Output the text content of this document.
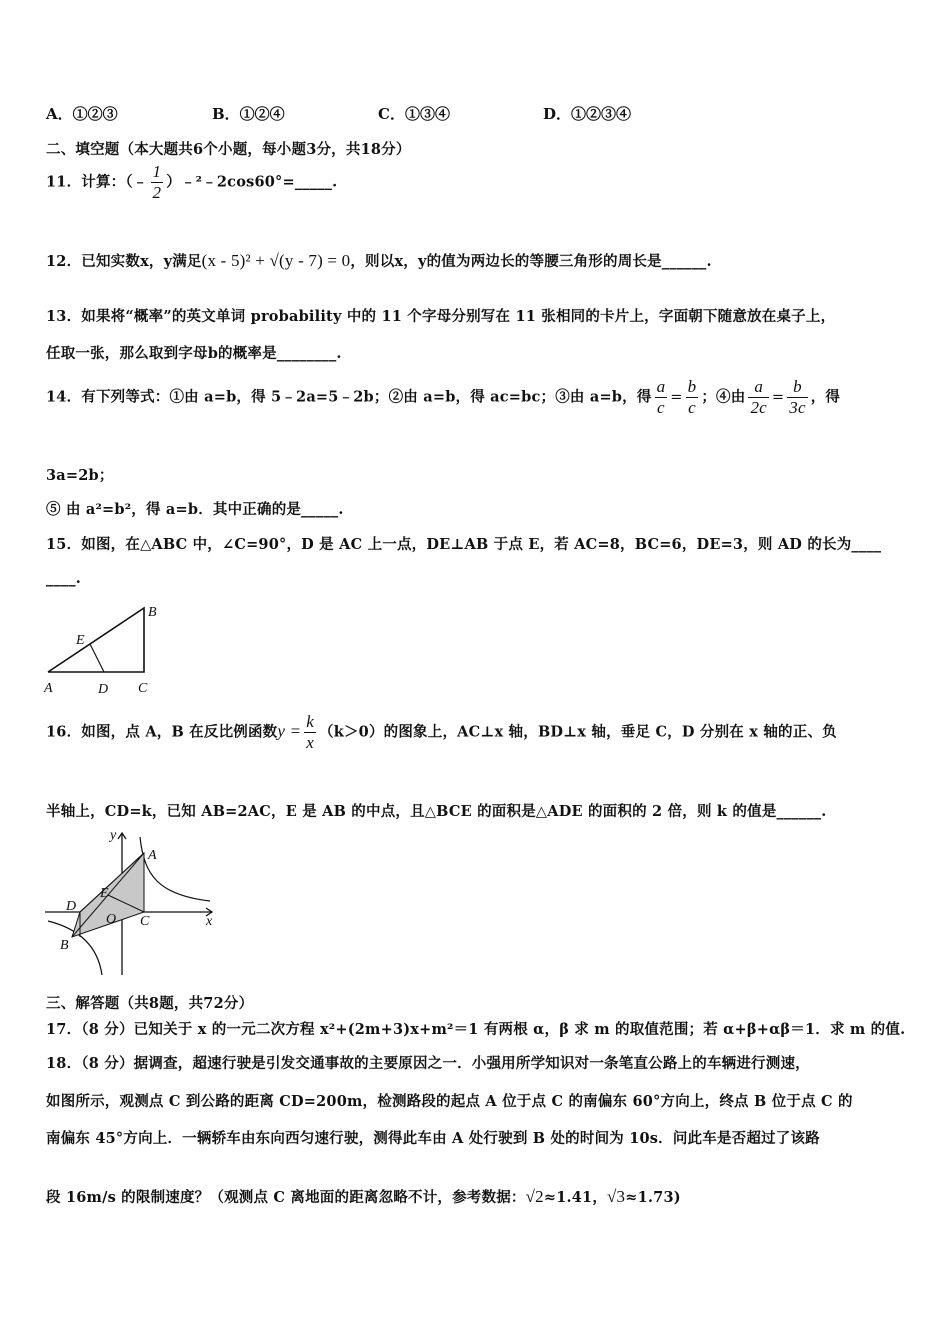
A．①②③	B．①②④	C．①③④	D．①②③④
二、填空题（本大题共6个小题，每小题3分，共18分）
11．计算：（﹣ $\frac{1}{2}$ ）﹣²﹣2cos60°=_____.
12．已知实数x，y满足(x - 5)² + √(y - 7) = 0，则以x，y的值为两边长的等腰三角形的周长是______.
13．如果将“概率”的英文单词 probability 中的 11 个字母分别写在 11 张相同的卡片上，字面朝下随意放在桌子上，
任取一张，那么取到字母b的概率是________.
14．有下列等式：①由 a=b，得 5﹣2a=5﹣2b；②由 a=b，得 ac=bc；③由 a=b，得 $\frac{a}{c} = \frac{b}{c}$ ；④由 $\frac{a}{2c} = \frac{b}{3c}$ ，得
3a=2b；
⑤ 由 a²=b²，得 a=b．其中正确的是_____.
15．如图，在△ABC 中，∠C=90°，D 是 AC 上一点，DE⊥AB 于点 E，若 AC=8，BC=6，DE=3，则 AD 的长为____
____.
A
B
C
D
E
16．如图，点 A，B 在反比例函数$y = \frac{k}{x} (k>0)$的图象上，AC⊥x 轴，BD⊥x 轴，垂足 C，D 分别在 x 轴的正、负
半轴上，CD=k，已知 AB=2AC，E 是 AB 的中点，且△BCE 的面积是△ADE 的面积的 2 倍，则 k 的值是______.
A
B
C
D
E
O
y
x
三、解答题（共8题，共72分）
17．（8 分）已知关于 x 的一元二次方程 x²+(2m+3)x+m²＝1 有两根 α，β 求 m 的取值范围；若 α+β+αβ＝1．求 m 的值.
18．（8 分）据调查，超速行驶是引发交通事故的主要原因之一．小强用所学知识对一条笔直公路上的车辆进行测速，
如图所示，观测点 C 到公路的距离 CD=200m，检测路段的起点 A 位于点 C 的南偏东 60°方向上，终点 B 位于点 C 的
南偏东 45°方向上．一辆轿车由东向西匀速行驶，测得此车由 A 处行驶到 B 处的时间为 10s．问此车是否超过了该路
段 16m/s 的限制速度？（观测点 C 离地面的距离忽略不计，参考数据：√2≈1.41，√3≈1.73)
